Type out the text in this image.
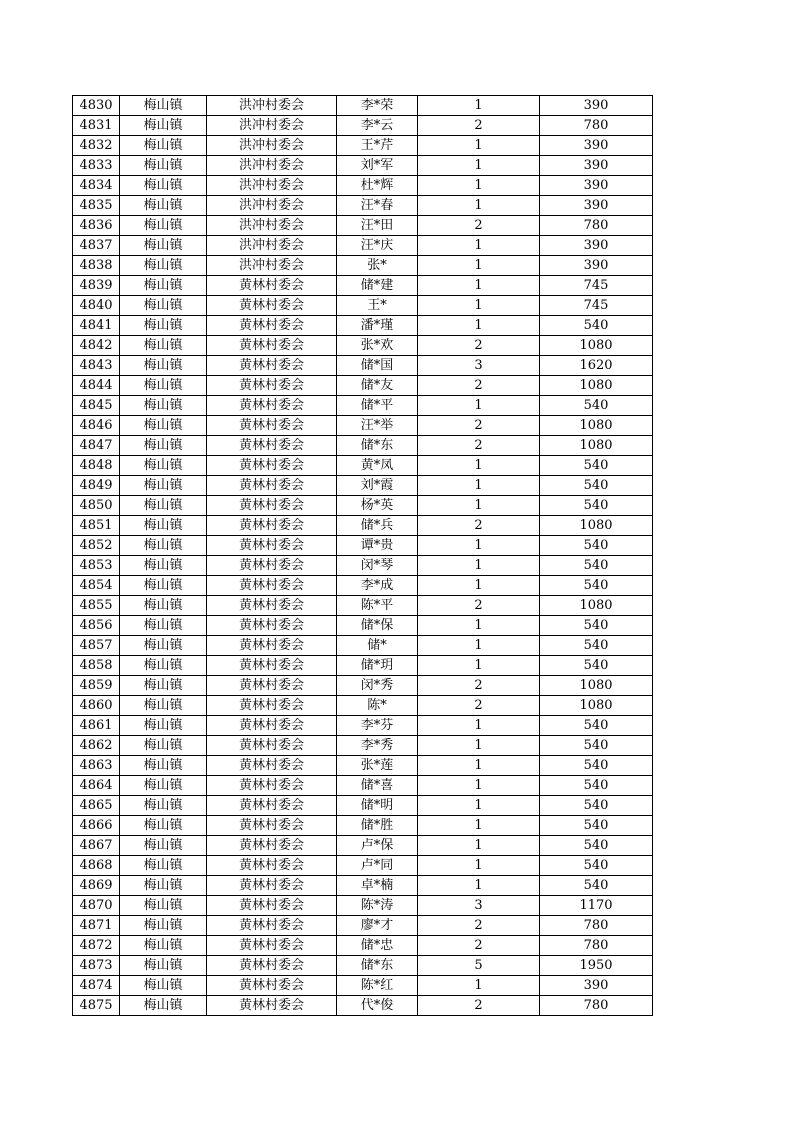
4830	梅山镇	洪冲村委会	李*荣	1	390
4831	梅山镇	洪冲村委会	李*云	2	780
4832	梅山镇	洪冲村委会	王*芹	1	390
4833	梅山镇	洪冲村委会	刘*军	1	390
4834	梅山镇	洪冲村委会	杜*辉	1	390
4835	梅山镇	洪冲村委会	汪*春	1	390
4836	梅山镇	洪冲村委会	汪*田	2	780
4837	梅山镇	洪冲村委会	汪*庆	1	390
4838	梅山镇	洪冲村委会	张*	1	390
4839	梅山镇	黄林村委会	储*建	1	745
4840	梅山镇	黄林村委会	王*	1	745
4841	梅山镇	黄林村委会	潘*瑾	1	540
4842	梅山镇	黄林村委会	张*欢	2	1080
4843	梅山镇	黄林村委会	储*国	3	1620
4844	梅山镇	黄林村委会	储*友	2	1080
4845	梅山镇	黄林村委会	储*平	1	540
4846	梅山镇	黄林村委会	汪*举	2	1080
4847	梅山镇	黄林村委会	储*东	2	1080
4848	梅山镇	黄林村委会	黄*凤	1	540
4849	梅山镇	黄林村委会	刘*霞	1	540
4850	梅山镇	黄林村委会	杨*英	1	540
4851	梅山镇	黄林村委会	储*兵	2	1080
4852	梅山镇	黄林村委会	谭*贵	1	540
4853	梅山镇	黄林村委会	闵*琴	1	540
4854	梅山镇	黄林村委会	李*成	1	540
4855	梅山镇	黄林村委会	陈*平	2	1080
4856	梅山镇	黄林村委会	储*保	1	540
4857	梅山镇	黄林村委会	储*	1	540
4858	梅山镇	黄林村委会	储*玥	1	540
4859	梅山镇	黄林村委会	闵*秀	2	1080
4860	梅山镇	黄林村委会	陈*	2	1080
4861	梅山镇	黄林村委会	李*芬	1	540
4862	梅山镇	黄林村委会	李*秀	1	540
4863	梅山镇	黄林村委会	张*莲	1	540
4864	梅山镇	黄林村委会	储*喜	1	540
4865	梅山镇	黄林村委会	储*明	1	540
4866	梅山镇	黄林村委会	储*胜	1	540
4867	梅山镇	黄林村委会	卢*保	1	540
4868	梅山镇	黄林村委会	卢*同	1	540
4869	梅山镇	黄林村委会	卓*楠	1	540
4870	梅山镇	黄林村委会	陈*涛	3	1170
4871	梅山镇	黄林村委会	廖*才	2	780
4872	梅山镇	黄林村委会	储*忠	2	780
4873	梅山镇	黄林村委会	储*东	5	1950
4874	梅山镇	黄林村委会	陈*红	1	390
4875	梅山镇	黄林村委会	代*俊	2	780
